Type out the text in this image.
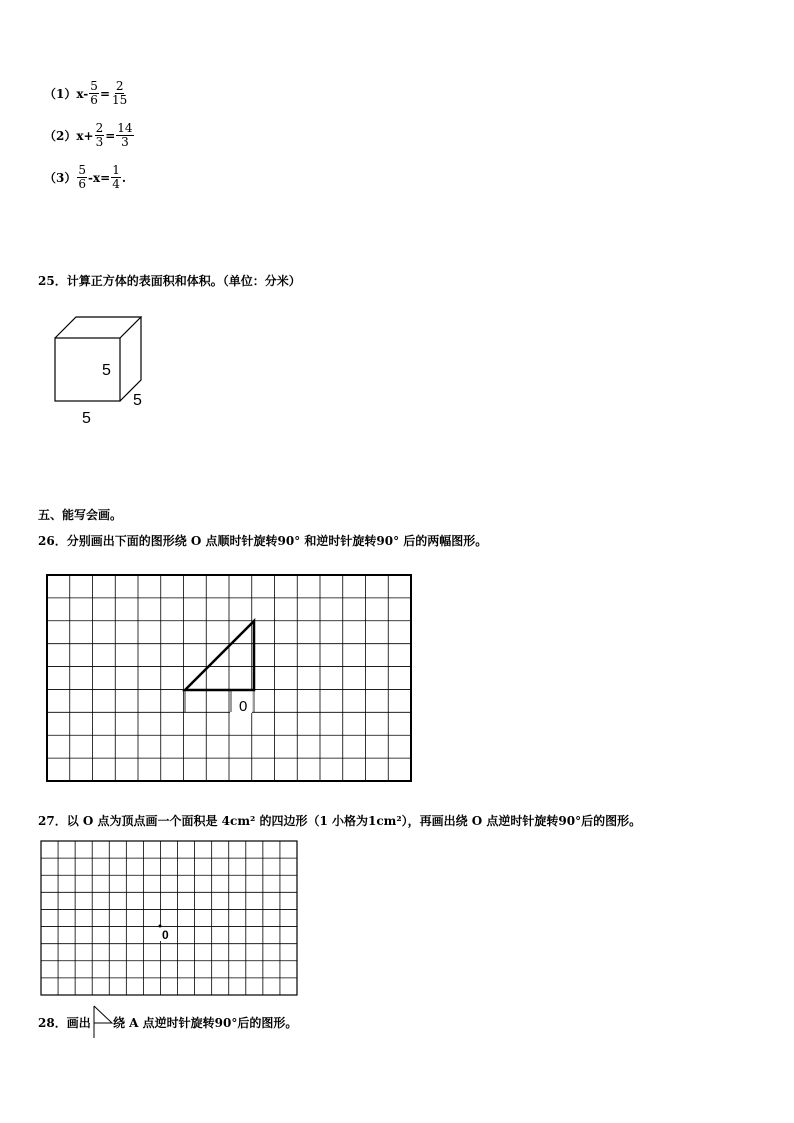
（1） $x- \frac{5}{6} = \frac{2}{15}$
（2） $x+ \frac{2}{3} = \frac{14}{3}$
$(3) \frac{5}{6} -x= \frac{1}{4}$ .
25．计算正方体的表面积和体积。（单位：分米）
5
5
5
五、能写会画。
26．分别画出下面的图形绕 O 点顺时针旋转90° 和逆时针旋转90° 后的两幅图形。
0
27．以 O 点为顶点画一个面积是 4cm² 的四边形（1 小格为1cm²），再画出绕 O 点逆时针旋转90°后的图形。
0
28．画出 绕 A 点逆时针旋转90°后的图形。
